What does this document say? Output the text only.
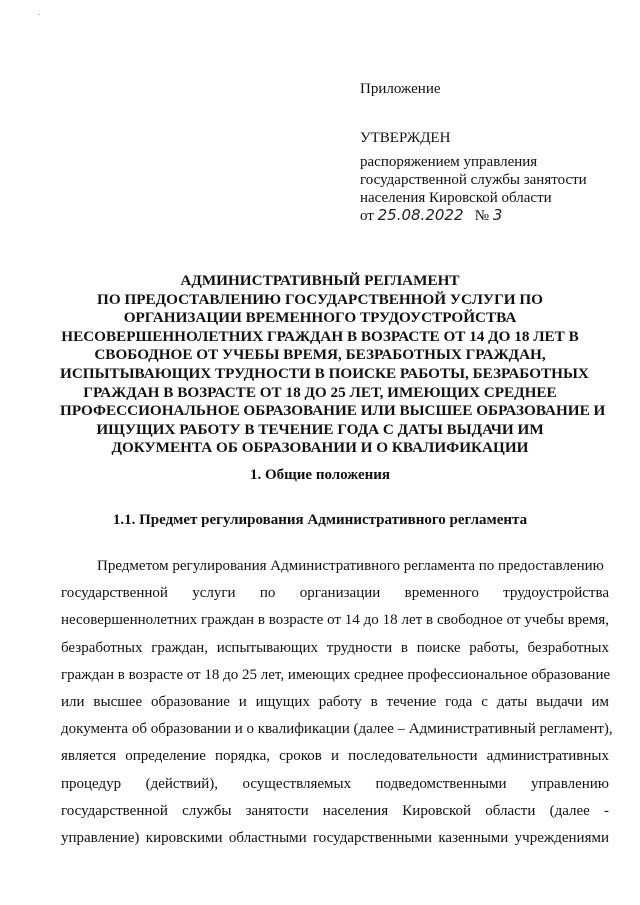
Приложение
УТВЕРЖДЕН
распоряжением управления
государственной службы занятости
населения Кировской области
от 25.08.2022 № 3
АДМИНИСТРАТИВНЫЙ РЕГЛАМЕНТ
ПО ПРЕДОСТАВЛЕНИЮ ГОСУДАРСТВЕННОЙ УСЛУГИ ПО
ОРГАНИЗАЦИИ ВРЕМЕННОГО ТРУДОУСТРОЙСТВА
НЕСОВЕРШЕННОЛЕТНИХ ГРАЖДАН В ВОЗРАСТЕ ОТ 14 ДО 18 ЛЕТ В
СВОБОДНОЕ ОТ УЧЕБЫ ВРЕМЯ, БЕЗРАБОТНЫХ ГРАЖДАН,
ИСПЫТЫВАЮЩИХ ТРУДНОСТИ В ПОИСКЕ РАБОТЫ, БЕЗРАБОТНЫХ
ГРАЖДАН В ВОЗРАСТЕ ОТ 18 ДО 25 ЛЕТ, ИМЕЮЩИХ СРЕДНЕЕ
ПРОФЕССИОНАЛЬНОЕ ОБРАЗОВАНИЕ ИЛИ ВЫСШЕЕ ОБРАЗОВАНИЕ И
ИЩУЩИХ РАБОТУ В ТЕЧЕНИЕ ГОДА С ДАТЫ ВЫДАЧИ ИМ
ДОКУМЕНТА ОБ ОБРАЗОВАНИИ И О КВАЛИФИКАЦИИ
1. Общие положения
1.1. Предмет регулирования Административного регламента
Предметом регулирования Административного регламента по предоставлению
государственной услуги по организации временного трудоустройства
несовершеннолетних граждан в возрасте от 14 до 18 лет в свободное от учебы время,
безработных граждан, испытывающих трудности в поиске работы, безработных
граждан в возрасте от 18 до 25 лет, имеющих среднее профессиональное образование
или высшее образование и ищущих работу в течение года с даты выдачи им
документа об образовании и о квалификации (далее – Административный регламент),
является определение порядка, сроков и последовательности административных
процедур (действий), осуществляемых подведомственными управлению
государственной службы занятости населения Кировской области (далее -
управление) кировскими областными государственными казенными учреждениями
